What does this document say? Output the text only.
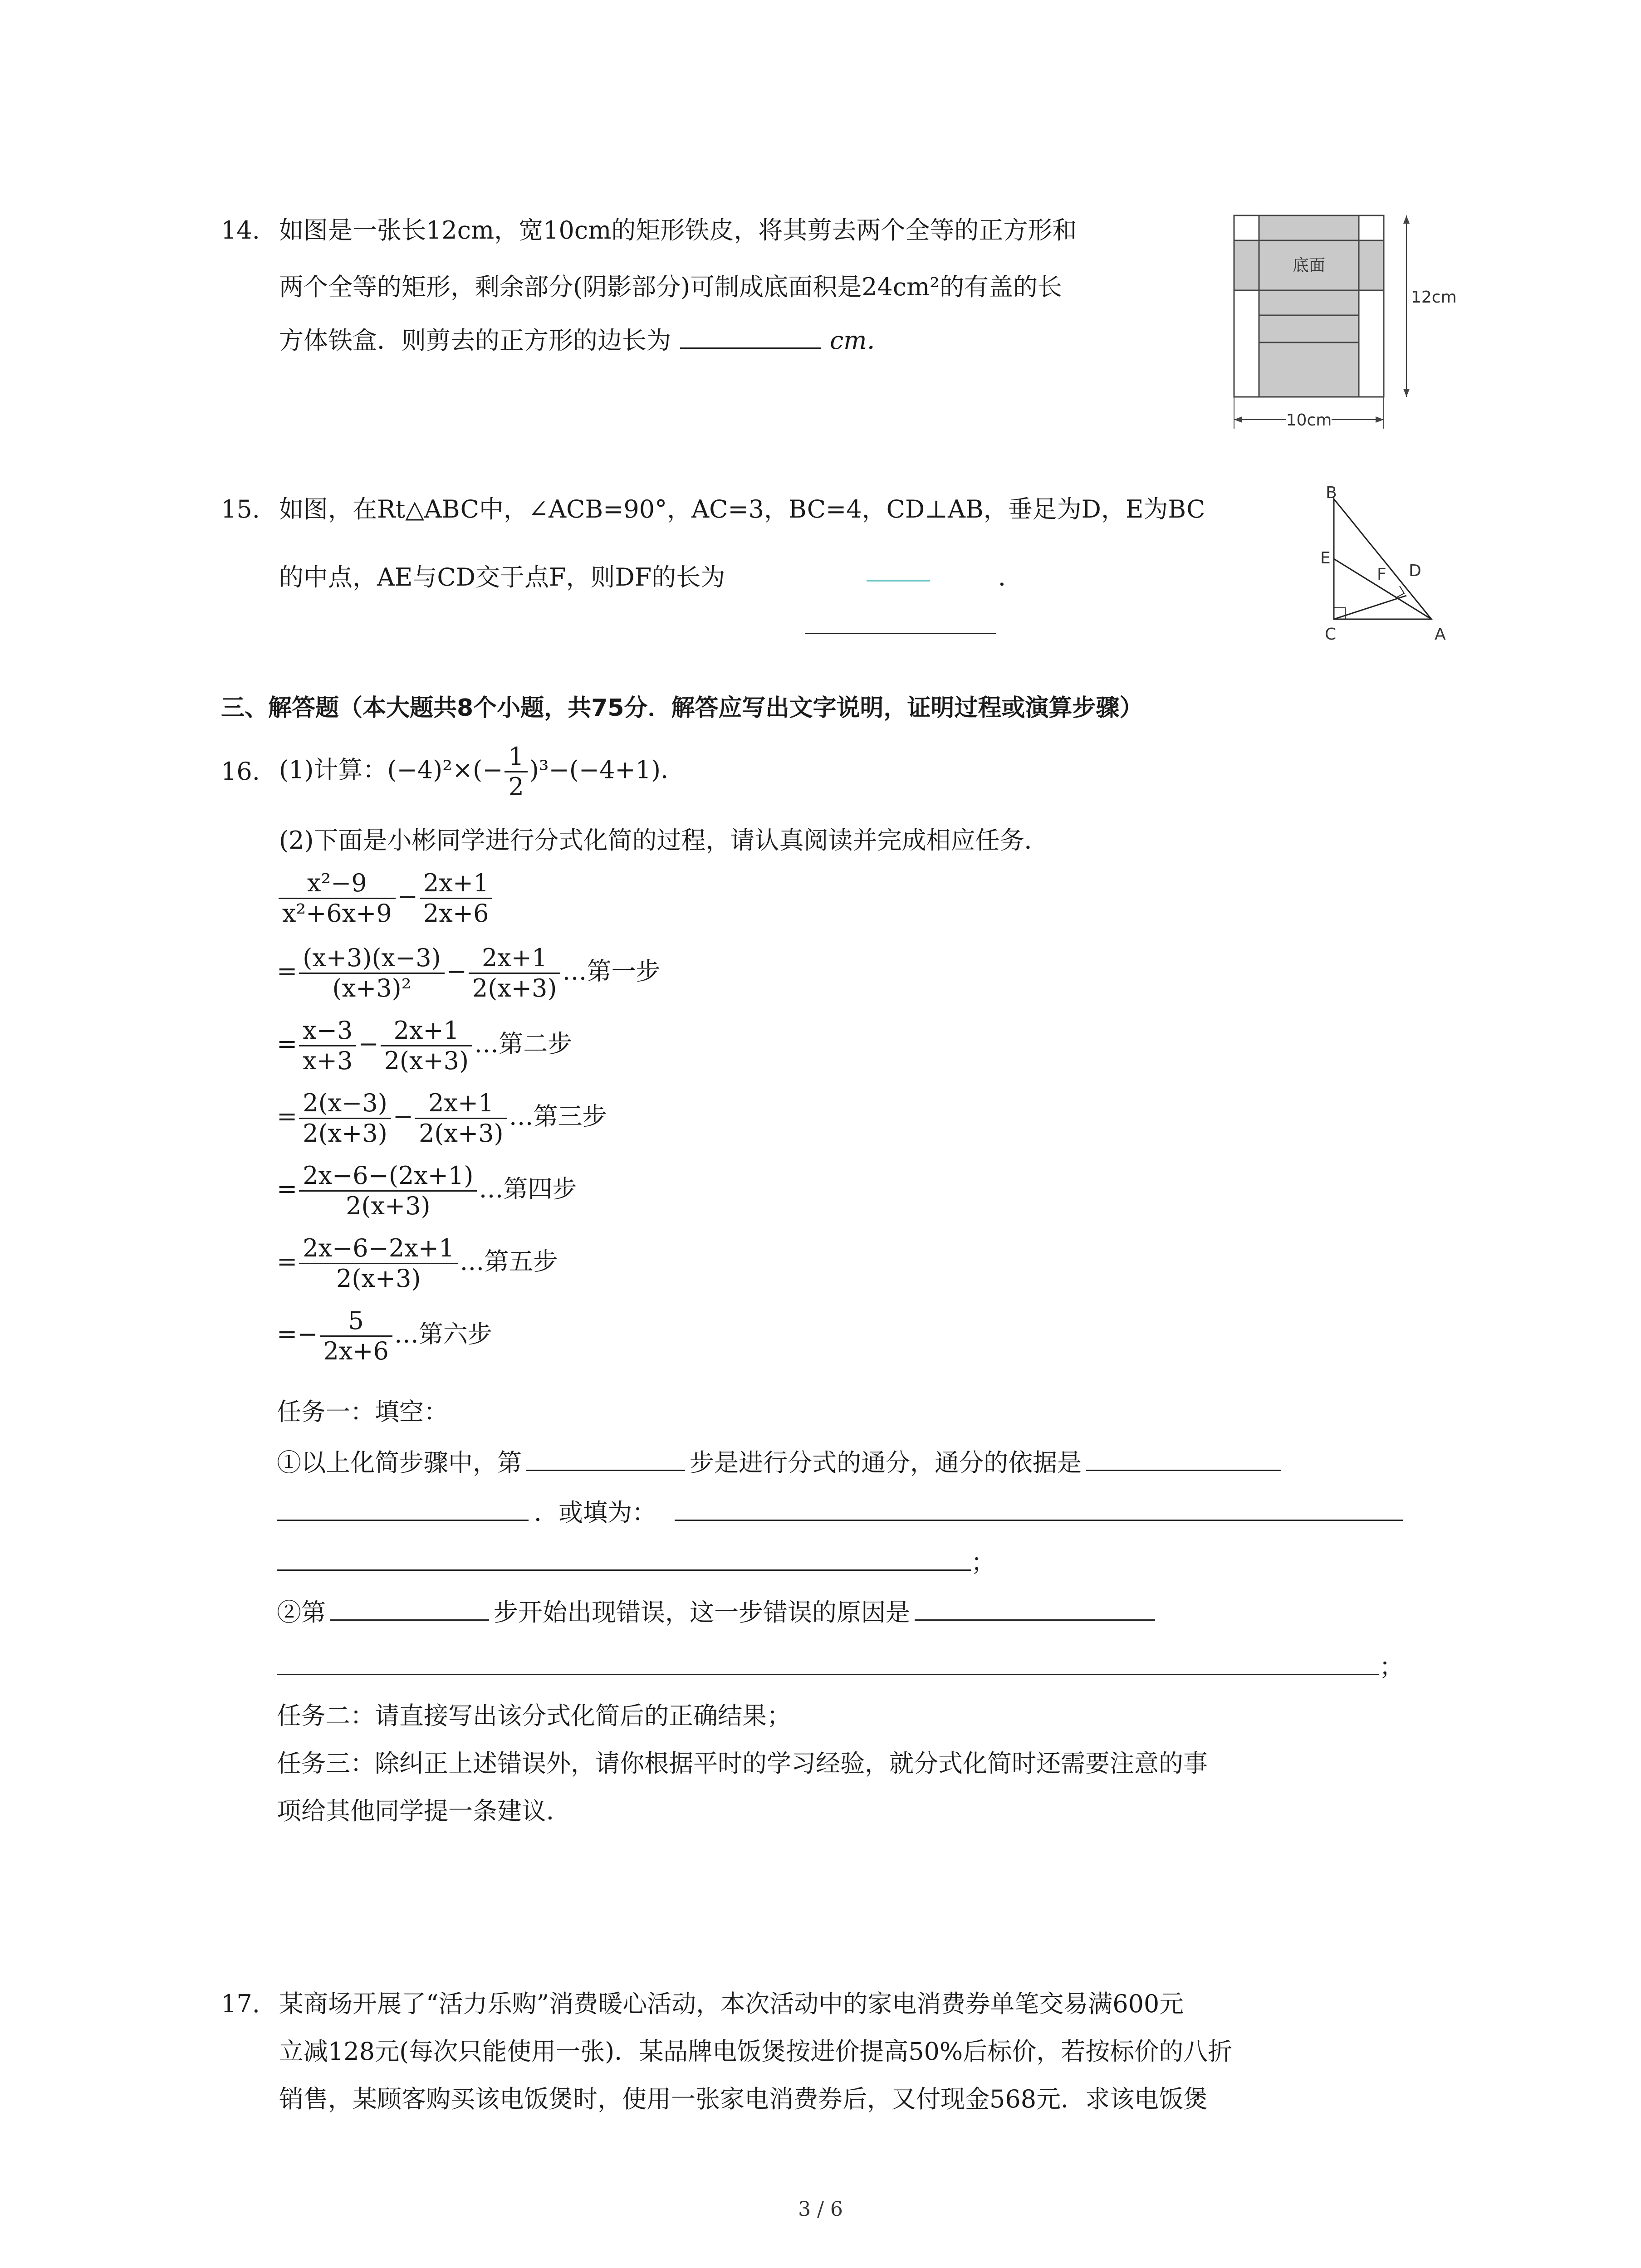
14. 如图是一张长12cm，宽10cm的矩形铁皮，将其剪去两个全等的正方形和
两个全等的矩形，剩余部分(阴影部分)可制成底面积是24cm²的有盖的长
方体铁盒．则剪去的正方形的边长为	cm．
底面
12cm
10cm
15. 如图，在Rt△ABC中，∠ACB=90°，AC=3，BC=4，CD⊥AB，垂足为D，E为BC
的中点，AE与CD交于点F，则DF的长为	．
B
E
F D
C	A
三、解答题（本大题共8个小题，共75分．解答应写出文字说明，证明过程或演算步骤）
16. (1)计算：$(-4)^2\times(- \frac{1}{2} )^3-(-4+1)$．
(2)下面是小彬同学进行分式化简的过程，请认真阅读并完成相应任务．
$\frac{\text{x²−9}}{\text{x²+6x+9}} - \frac{2x+1}{2x+6}$
= $\frac{(x+3)(x-3)}{\text{(x+3)²}} - \frac{2x+1}{2(x+3)}$ …第一步
= $\frac{x-3}{x+3} - \frac{2x+1}{2(x+3)}$ …第二步
= $\frac{2(x-3)}{2(x+3)} - \frac{2x+1}{2(x+3)}$ …第三步
= $\frac{2x-6-(2x+1)}{2(x+3)}$ …第四步
= $\frac{2x-6-2x+1}{2(x+3)}$ …第五步
=− $\frac{5}{2x+6}$ …第六步
任务一：填空：
①以上化简步骤中，第	步是进行分式的通分，通分的依据是
．或填为：
；
②第	步开始出现错误，这一步错误的原因是
；
任务二：请直接写出该分式化简后的正确结果；
任务三：除纠正上述错误外，请你根据平时的学习经验，就分式化简时还需要注意的事
项给其他同学提一条建议．
17. 某商场开展了“活力乐购”消费暖心活动，本次活动中的家电消费券单笔交易满600元
立减128元(每次只能使用一张)．某品牌电饭煲按进价提高50%后标价，若按标价的八折
销售，某顾客购买该电饭煲时，使用一张家电消费券后，又付现金568元．求该电饭煲
3 / 6
